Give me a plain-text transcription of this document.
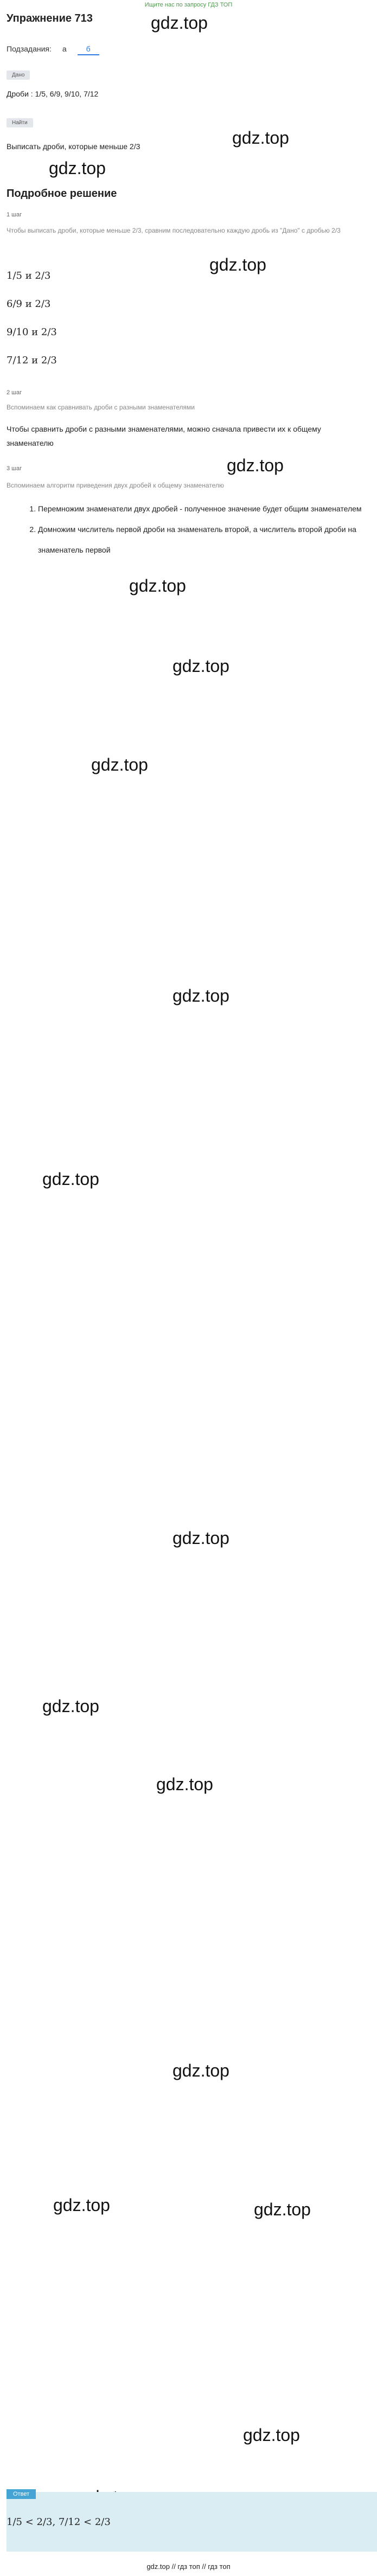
Ищите нас по запросу ГДЗ ТОП
Упражнение 713	gdz.top
Подзадания: а	б
Дано
Дроби : 1/5, 6/9, 9/10, 7/12
Найти
Выписать дроби, которые меньше 2/3	gdz.top
gdz.top
Подробное решение
1 шаг
Чтобы выписать дроби, которые меньше 2/3, сравним последовательно каждую дробь из "Дано" с дробью 2/3
gdz.top
1/5 и 2/3
6/9 и 2/3
9/10 и 2/3
7/12 и 2/3
2 шаг
Вспоминаем как сравнивать дроби с разными знаменателями
Чтобы сравнить дроби с разными знаменателями, можно сначала привести их к общему знаменателю
3 шаг	gdz.top
Вспоминаем алгоритм приведения двух дробей к общему знаменателю
1. Перемножим знаменатели двух дробей - полученное значение будет общим знаменателем
2. Домножим числитель первой дроби на знаменатель второй, а числитель второй дроби на знаменатель первой
gdz.top
gdz.top
gdz.top
gdz.top
gdz.top
gdz.top
gdz.top
gdz.top
gdz.top
gdz.top	gdz.top
gdz.top
Ответ
1/5 < 2/3, 7/12 < 2/3
gdz.top // гдз топ // гдз топ
